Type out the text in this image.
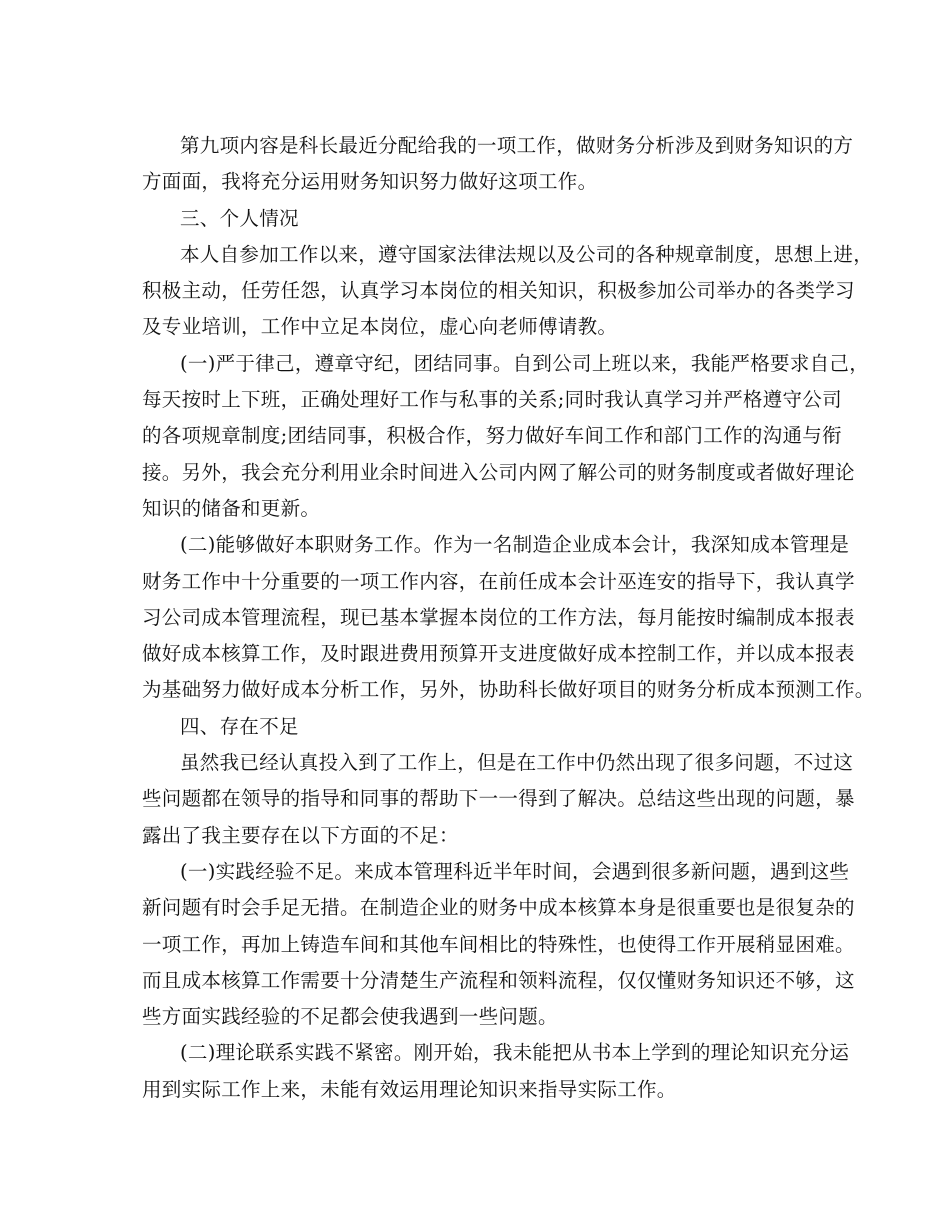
第九项内容是科长最近分配给我的一项工作，做财务分析涉及到财务知识的方
方面面，我将充分运用财务知识努力做好这项工作。
三、个人情况
本人自参加工作以来，遵守国家法律法规以及公司的各种规章制度，思想上进，
积极主动，任劳任怨，认真学习本岗位的相关知识，积极参加公司举办的各类学习
及专业培训，工作中立足本岗位，虚心向老师傅请教。
(一)严于律己，遵章守纪，团结同事。自到公司上班以来，我能严格要求自己，
每天按时上下班，正确处理好工作与私事的关系;同时我认真学习并严格遵守公司
的各项规章制度;团结同事，积极合作，努力做好车间工作和部门工作的沟通与衔
接。另外，我会充分利用业余时间进入公司内网了解公司的财务制度或者做好理论
知识的储备和更新。
(二)能够做好本职财务工作。作为一名制造企业成本会计，我深知成本管理是
财务工作中十分重要的一项工作内容，在前任成本会计巫连安的指导下，我认真学
习公司成本管理流程，现已基本掌握本岗位的工作方法，每月能按时编制成本报表
做好成本核算工作，及时跟进费用预算开支进度做好成本控制工作，并以成本报表
为基础努力做好成本分析工作，另外，协助科长做好项目的财务分析成本预测工作。
四、存在不足
虽然我已经认真投入到了工作上，但是在工作中仍然出现了很多问题，不过这
些问题都在领导的指导和同事的帮助下一一得到了解决。总结这些出现的问题，暴
露出了我主要存在以下方面的不足：
(一)实践经验不足。来成本管理科近半年时间，会遇到很多新问题，遇到这些
新问题有时会手足无措。在制造企业的财务中成本核算本身是很重要也是很复杂的
一项工作，再加上铸造车间和其他车间相比的特殊性，也使得工作开展稍显困难。
而且成本核算工作需要十分清楚生产流程和领料流程，仅仅懂财务知识还不够，这
些方面实践经验的不足都会使我遇到一些问题。
(二)理论联系实践不紧密。刚开始，我未能把从书本上学到的理论知识充分运
用到实际工作上来，未能有效运用理论知识来指导实际工作。
